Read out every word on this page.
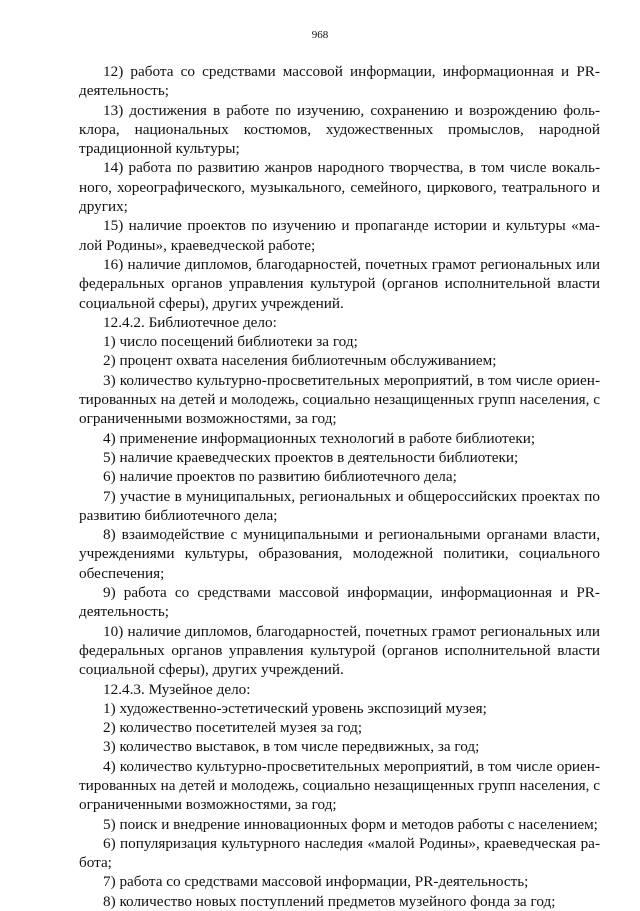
968

12) работа со средствами массовой информации, информационная и PR-деятельность;

13) достижения в работе по изучению, сохранению и возрождению фольклора, национальных костюмов, художественных промыслов, народной традиционной культуры;

14) работа по развитию жанров народного творчества, в том числе вокального, хореографического, музыкального, семейного, циркового, театрального и других;

15) наличие проектов по изучению и пропаганде истории и культуры «малой Родины», краеведческой работе;

16) наличие дипломов, благодарностей, почетных грамот региональных или федеральных органов управления культурой (органов исполнительной власти социальной сферы), других учреждений.

12.4.2. Библиотечное дело:

1) число посещений библиотеки за год;

2) процент охвата населения библиотечным обслуживанием;

3) количество культурно-просветительных мероприятий, в том числе ориентированных на детей и молодежь, социально незащищенных групп населения, с ограниченными возможностями, за год;

4) применение информационных технологий в работе библиотеки;

5) наличие краеведческих проектов в деятельности библиотеки;

6) наличие проектов по развитию библиотечного дела;

7) участие в муниципальных, региональных и общероссийских проектах по развитию библиотечного дела;

8) взаимодействие с муниципальными и региональными органами власти, учреждениями культуры, образования, молодежной политики, социального обеспечения;

9) работа со средствами массовой информации, информационная и PR-деятельность;

10) наличие дипломов, благодарностей, почетных грамот региональных или федеральных органов управления культурой (органов исполнительной власти социальной сферы), других учреждений.

12.4.3. Музейное дело:

1) художественно-эстетический уровень экспозиций музея;

2) количество посетителей музея за год;

3) количество выставок, в том числе передвижных, за год;

4) количество культурно-просветительных мероприятий, в том числе ориентированных на детей и молодежь, социально незащищенных групп населения, с ограниченными возможностями, за год;

5) поиск и внедрение инновационных форм и методов работы с населением;

6) популяризация культурного наследия «малой Родины», краеведческая работа;

7) работа со средствами массовой информации, PR-деятельность;

8) количество новых поступлений предметов музейного фонда за год;
